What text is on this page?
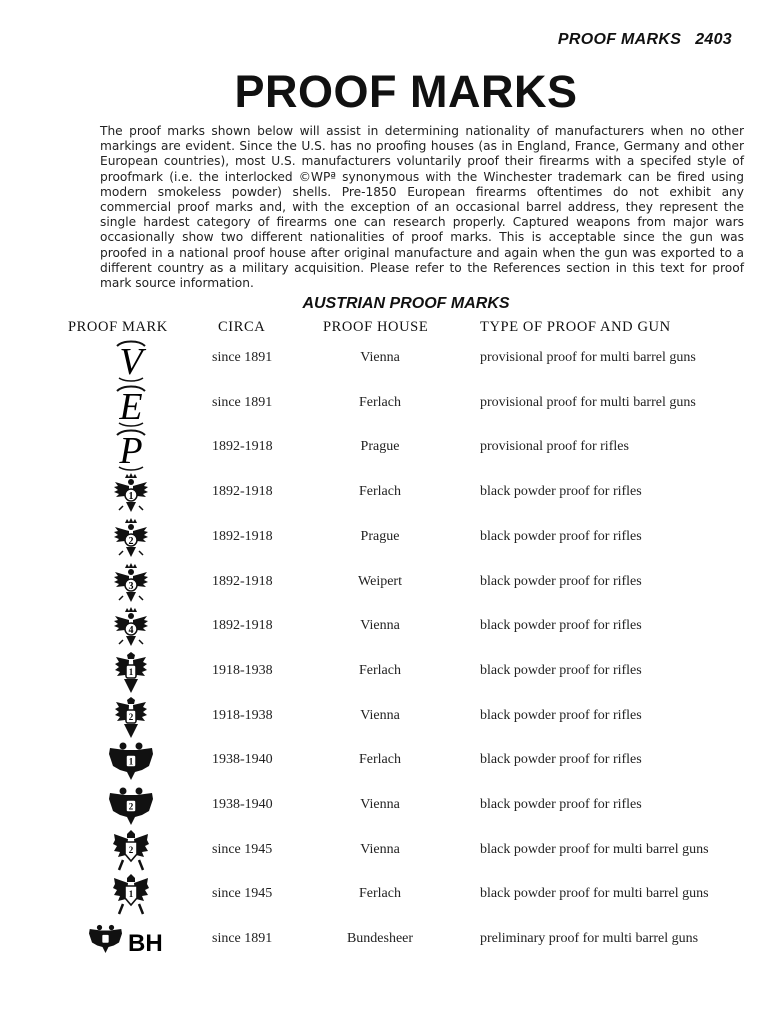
PROOF MARKS 2403
PROOF MARKS

The proof marks shown below will assist in determining nationality of manufacturers when no other markings are evident. Since the U.S. has no proofing houses (as in England, France, Germany and other European countries), most U.S. manufacturers voluntarily proof their firearms with a specifed style of proofmark (i.e. the interlocked ©WPª synonymous with the Winchester trademark can be fired using modern smokeless powder) shells. Pre-1850 European firearms oftentimes do not exhibit any commercial proof marks and, with the exception of an occasional barrel address, they represent the single hardest category of firearms one can research properly. Captured weapons from major wars occasionally show two different nationalities of proof marks. This is acceptable since the gun was proofed in a national proof house after original manufacture and again when the gun was exported to a different country as a military acquisition. Please refer to the References section in this text for proof mark source information.

AUSTRIAN PROOF MARKS
PROOF MARK	CIRCA	PROOF HOUSE	TYPE OF PROOF AND GUN
V	since 1891	Vienna	provisional proof for multi barrel guns
E	since 1891	Ferlach	provisional proof for multi barrel guns
P	1892-1918	Prague	provisional proof for rifles
1	1892-1918	Ferlach	black powder proof for rifles
2	1892-1918	Prague	black powder proof for rifles
3	1892-1918	Weipert	black powder proof for rifles
4	1892-1918	Vienna	black powder proof for rifles
1	1918-1938	Ferlach	black powder proof for rifles
2	1918-1938	Vienna	black powder proof for rifles
1	1938-1940	Ferlach	black powder proof for rifles
2	1938-1940	Vienna	black powder proof for rifles
2	since 1945	Vienna	black powder proof for multi barrel guns
1	since 1945	Ferlach	black powder proof for multi barrel guns
BH	since 1891	Bundesheer	preliminary proof for multi barrel guns
